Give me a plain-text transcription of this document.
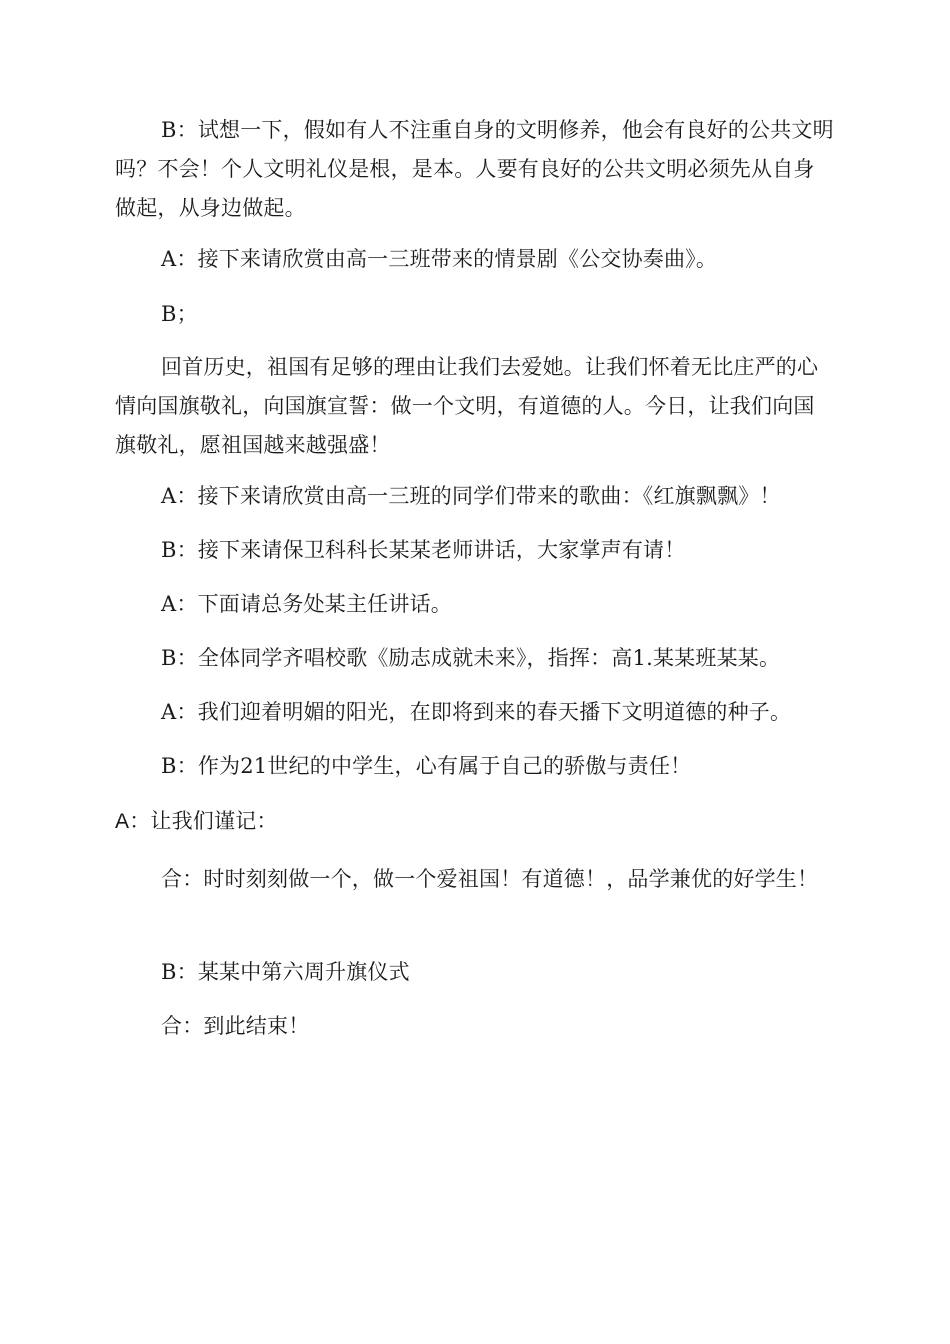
B：试想一下，假如有人不注重自身的文明修养，他会有良好的公共文明吗？不会！个人文明礼仪是根，是本。人要有良好的公共文明必须先从自身做起，从身边做起。

A：接下来请欣赏由高一三班带来的情景剧《公交协奏曲》。

B；

回首历史，祖国有足够的理由让我们去爱她。让我们怀着无比庄严的心情向国旗敬礼，向国旗宣誓：做一个文明，有道德的人。今日，让我们向国旗敬礼，愿祖国越来越强盛！

A：接下来请欣赏由高一三班的同学们带来的歌曲：《红旗飘飘》！

B：接下来请保卫科科长某某老师讲话，大家掌声有请！

A：下面请总务处某主任讲话。

B：全体同学齐唱校歌《励志成就未来》，指挥：高1.某某班某某。

A：我们迎着明媚的阳光，在即将到来的春天播下文明道德的种子。

B：作为21世纪的中学生，心有属于自己的骄傲与责任！

A：让我们谨记：

合：时时刻刻做一个，做一个爱祖国！有道德！，品学兼优的好学生！

B：某某中第六周升旗仪式

合：到此结束！
